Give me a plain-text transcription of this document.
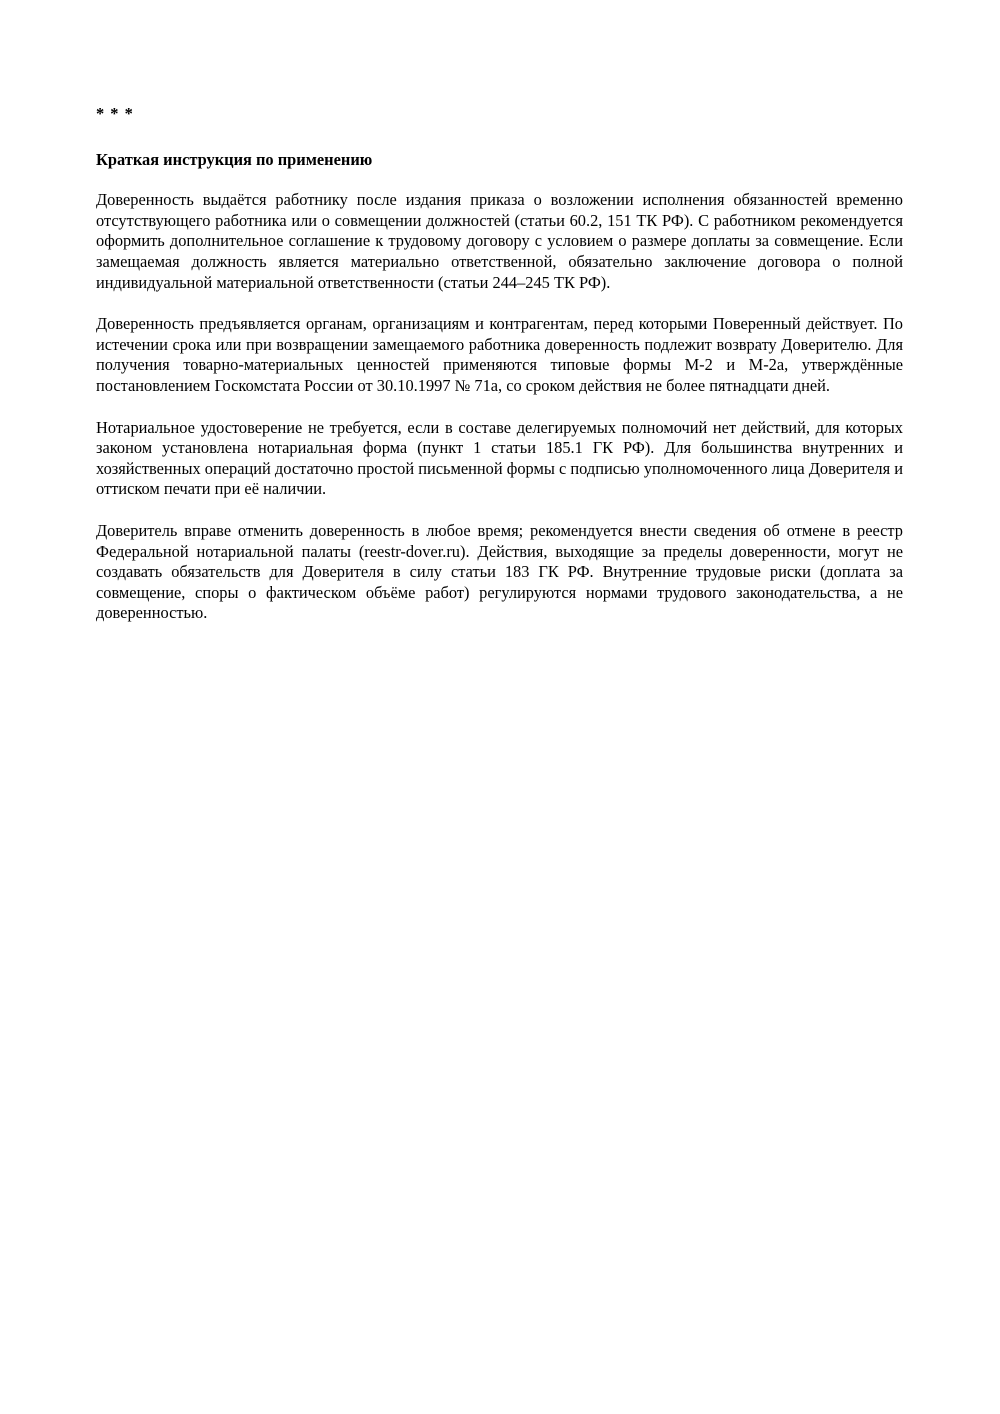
* * *
Краткая инструкция по применению

Доверенность выдаётся работнику после издания приказа о возложении исполнения обязанностей временно отсутствующего работника или о совмещении должностей (статьи 60.2, 151 ТК РФ). С работником рекомендуется оформить дополнительное соглашение к трудовому договору с условием о размере доплаты за совмещение. Если замещаемая должность является материально ответственной, обязательно заключение договора о полной индивидуальной материальной ответственности (статьи 244–245 ТК РФ).

Доверенность предъявляется органам, организациям и контрагентам, перед которыми Поверенный действует. По истечении срока или при возвращении замещаемого работника доверенность подлежит возврату Доверителю. Для получения товарно-материальных ценностей применяются типовые формы М-2 и М-2а, утверждённые постановлением Госкомстата России от 30.10.1997 № 71а, со сроком действия не более пятнадцати дней.

Нотариальное удостоверение не требуется, если в составе делегируемых полномочий нет действий, для которых законом установлена нотариальная форма (пункт 1 статьи 185.1 ГК РФ). Для большинства внутренних и хозяйственных операций достаточно простой письменной формы с подписью уполномоченного лица Доверителя и оттиском печати при её наличии.

Доверитель вправе отменить доверенность в любое время; рекомендуется внести сведения об отмене в реестр Федеральной нотариальной палаты (reestr-dover.ru). Действия, выходящие за пределы доверенности, могут не создавать обязательств для Доверителя в силу статьи 183 ГК РФ. Внутренние трудовые риски (доплата за совмещение, споры о фактическом объёме работ) регулируются нормами трудового законодательства, а не доверенностью.
